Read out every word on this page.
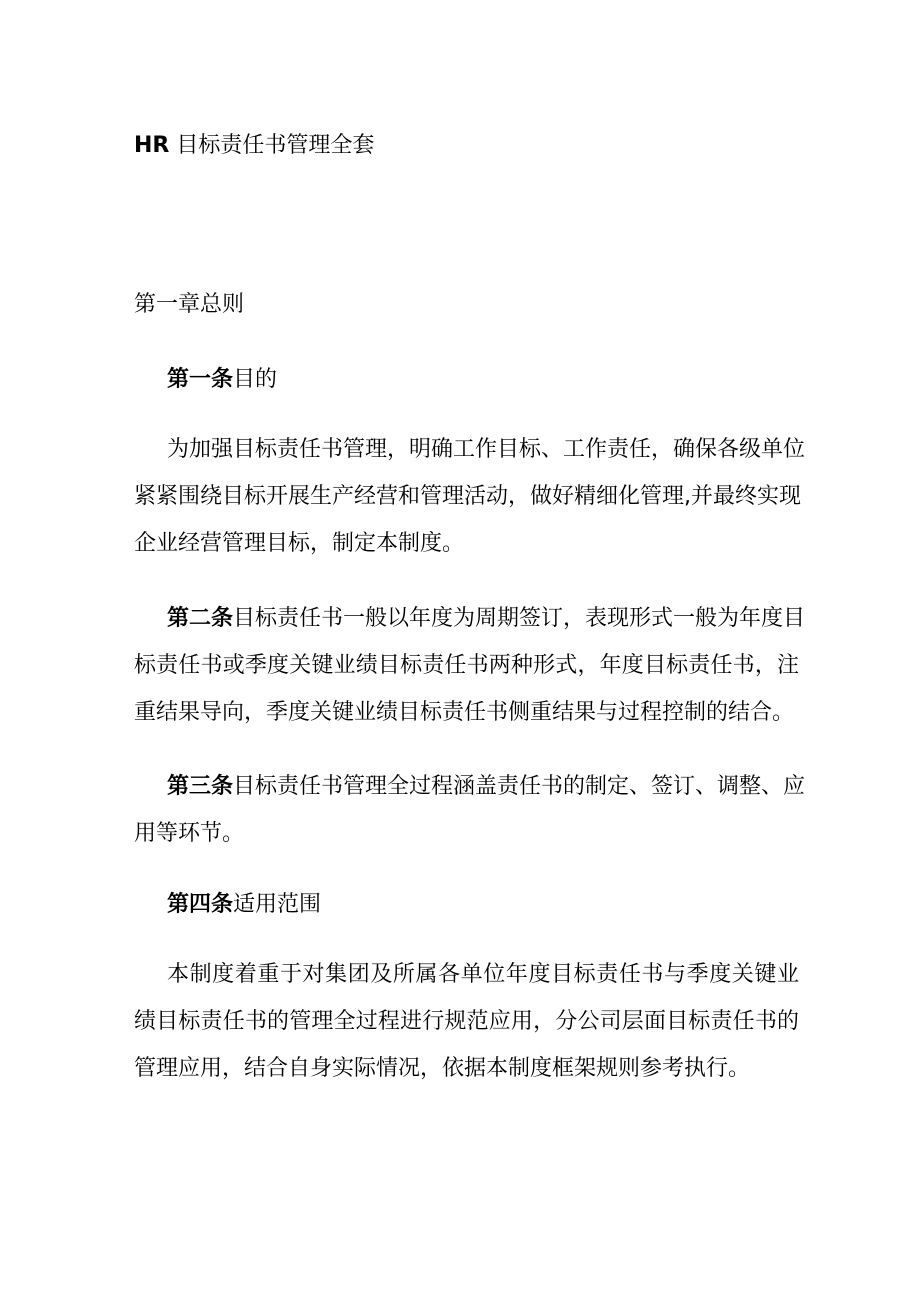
HR 目标责任书管理全套
第一章总则
第一条目的
为加强目标责任书管理，明确工作目标、工作责任，确保各级单位
紧紧围绕目标开展生产经营和管理活动，做好精细化管理,并最终实现
企业经营管理目标，制定本制度。
第二条目标责任书一般以年度为周期签订，表现形式一般为年度目
标责任书或季度关键业绩目标责任书两种形式，年度目标责任书，注
重结果导向，季度关键业绩目标责任书侧重结果与过程控制的结合。
第三条目标责任书管理全过程涵盖责任书的制定、签订、调整、应
用等环节。
第四条适用范围
本制度着重于对集团及所属各单位年度目标责任书与季度关键业
绩目标责任书的管理全过程进行规范应用，分公司层面目标责任书的
管理应用，结合自身实际情况，依据本制度框架规则参考执行。
